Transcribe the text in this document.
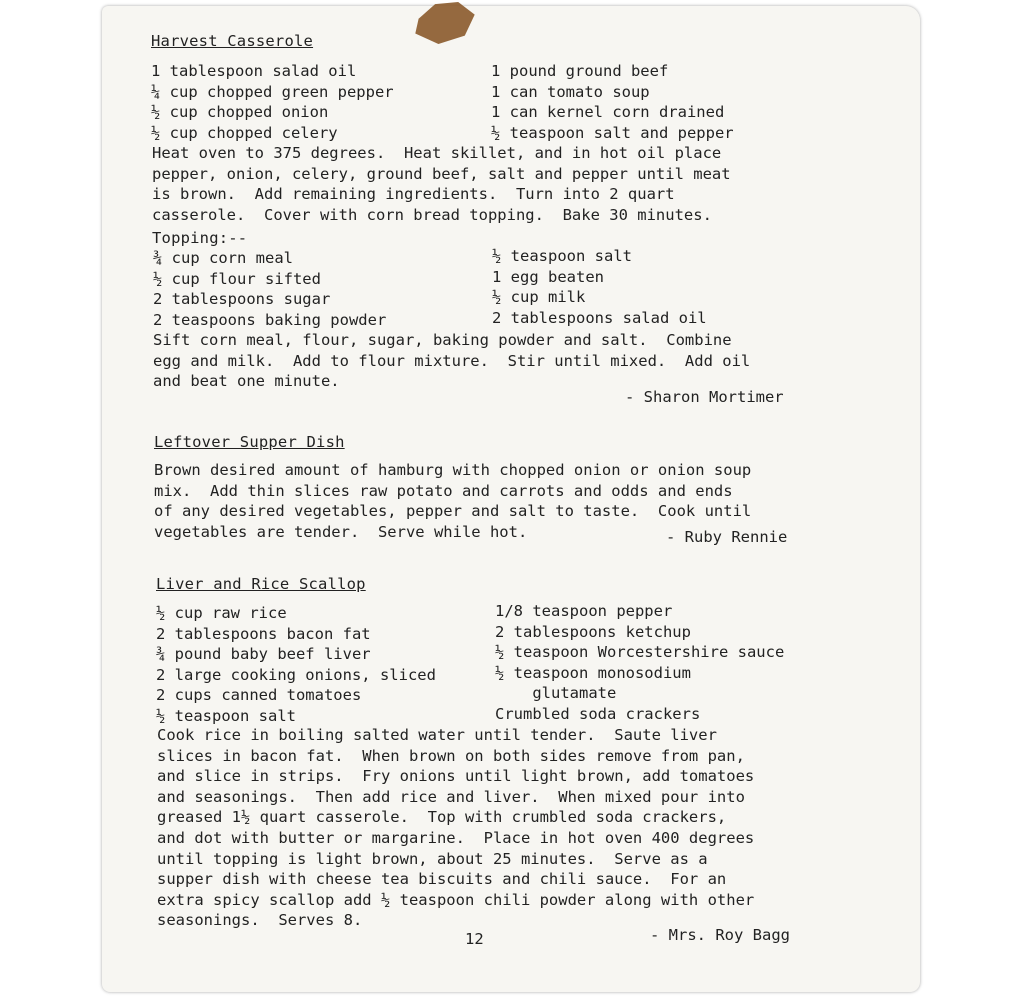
Harvest Casserole
1 tablespoon salad oil
¼ cup chopped green pepper
½ cup chopped onion
½ cup chopped celery
1 pound ground beef
1 can tomato soup
1 can kernel corn drained
½ teaspoon salt and pepper
Heat oven to 375 degrees.  Heat skillet, and in hot oil place
pepper, onion, celery, ground beef, salt and pepper until meat
is brown.  Add remaining ingredients.  Turn into 2 quart
casserole.  Cover with corn bread topping.  Bake 30 minutes.
Topping:--
¾ cup corn meal
½ cup flour sifted
2 tablespoons sugar
2 teaspoons baking powder
½ teaspoon salt
1 egg beaten
½ cup milk
2 tablespoons salad oil
Sift corn meal, flour, sugar, baking powder and salt.  Combine
egg and milk.  Add to flour mixture.  Stir until mixed.  Add oil
and beat one minute.
- Sharon Mortimer
Leftover Supper Dish
Brown desired amount of hamburg with chopped onion or onion soup
mix.  Add thin slices raw potato and carrots and odds and ends
of any desired vegetables, pepper and salt to taste.  Cook until
vegetables are tender.  Serve while hot.	- Ruby Rennie
Liver and Rice Scallop
½ cup raw rice
2 tablespoons bacon fat
¾ pound baby beef liver
2 large cooking onions, sliced
2 cups canned tomatoes
½ teaspoon salt
1/8 teaspoon pepper
2 tablespoons ketchup
½ teaspoon Worcestershire sauce
½ teaspoon monosodium
glutamate
Crumbled soda crackers
Cook rice in boiling salted water until tender.  Saute liver
slices in bacon fat.  When brown on both sides remove from pan,
and slice in strips.  Fry onions until light brown, add tomatoes
and seasonings.  Then add rice and liver.  When mixed pour into
greased 1½ quart casserole.  Top with crumbled soda crackers,
and dot with butter or margarine.  Place in hot oven 400 degrees
until topping is light brown, about 25 minutes.  Serve as a
supper dish with cheese tea biscuits and chili sauce.  For an
extra spicy scallop add ½ teaspoon chili powder along with other
seasonings.  Serves 8.
- Mrs. Roy Bagg
12
